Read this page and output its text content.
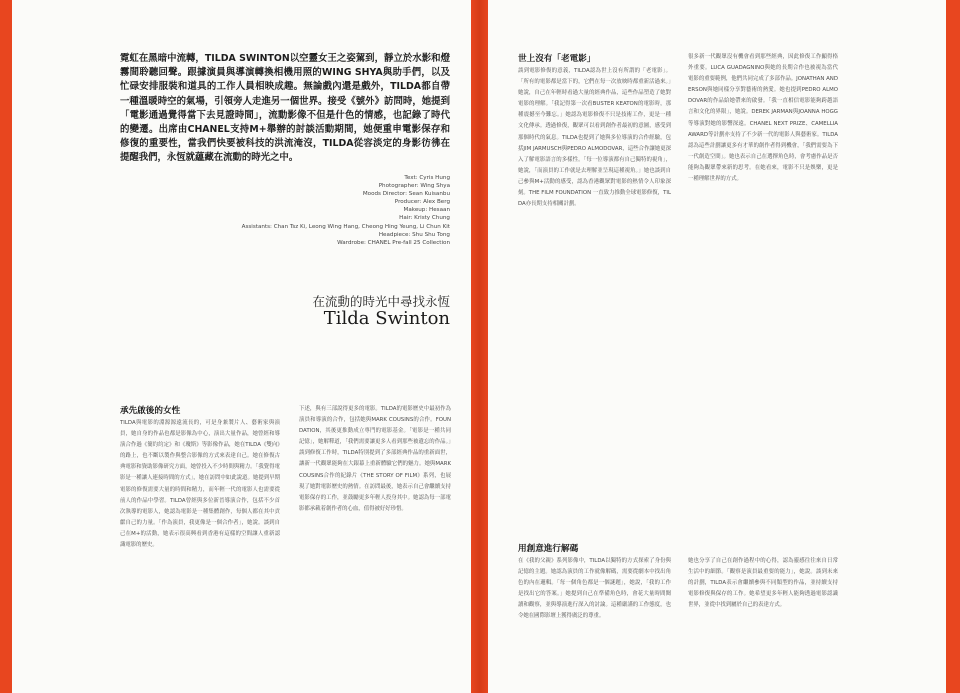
霓虹在黑暗中流轉，TILDA SWINTON以空靈女王之姿駕到，靜立於水影和燈霧間聆聽回聲。跟據演員與導演轉換相機用照的WING SHYA與助手們，以及忙碌安排服裝和道具的工作人員相映成趣。無論戲內還是戲外，TILDA都自帶一種溫暖時空的氣場，引領旁人走進另一個世界。接受《號外》訪問時，她提到「電影通過覺得當下去見證時間」，流動影像不但是什色的情感，也記錄了時代的變遷。出席由CHANEL支持M+舉辦的討談活動期間，她便重申電影保存和修復的重要性，當我們快要被科技的洪流淹沒，TILDA從容淡定的身影彷彿在提醒我們，永恆就蘊藏在流動的時光之中。
Text: Cyris Hung
Photographer: Wing Shya
Moods Director: Sean Kuisanbu
Producer: Alex Berg
Makeup: Hesaan
Hair: Kristy Chung
Assistants: Chan Tsz Ki, Leong Wing Hang, Cheong Hing Yeung, Li Chun Kit
Headpiece: Shu Shu Tong
Wardrobe: CHANEL Pre-fall 25 Collection
在流動的時光中尋找永恆
Tilda Swinton
承先啟後的女性

TILDA與電影的淵源源遠流長的，可是身兼製片人、藝術家與演員，她自身的作品也都是影像為中心，演出大量作品，她曾經和導演合作過《簡約約定》和《瓊斯》等影像作品，她在TILDA《雙向》的路上，也不斷以製作與整合影像的方式來表達自己。她在修復古典電影和資助影像研究方面，她曾投入不少時間與精力。「我覺得電影是一種讓人連接時間的方式」，她在訪問中如此說道。她提到早期電影的修復需要大量的時間和精力，而年輕一代的電影人也需要從前人的作品中學習。TILDA曾經與多位新晉導演合作，包括不少首次執導的電影人，她認為電影是一種集體創作，每個人都在其中貢獻自己的力量。「作為演員，我更像是一個合作者」，她說。談到自己在M+的活動，她表示很高興看到香港有這樣的空間讓人重新認識電影的歷史。

下述，與有三部說得更多的電影。TILDA的電影歷史中最初作為演員和導演的合作，包括她與MARK COUSINS的合作。FOUNDATION，其後更推動成立專門的電影基金。「電影是一種共同記憶」，她解釋道，「我們需要讓更多人看到那些被遺忘的作品。」談到修復工作時，TILDA特別提到了多部經典作品的重新面世，讓新一代觀眾能夠在大銀幕上重新體驗它們的魅力。她與MARK COUSINS合作的紀錄片《THE STORY OF FILM》系列，也展現了她對電影歷史的熱情。在訪問最後，她表示自己會繼續支持電影保存的工作，並鼓勵更多年輕人投身其中。她認為每一部電影都承載着創作者的心血，值得被好好珍惜。

世上沒有「老電影」

談到電影修復的意義，TILDA認為世上沒有所謂的「老電影」。「所有的電影都是當下的，它們在每一次放映時都重新活過來。」她說，自己在年輕時看過大量的經典作品，這些作品塑造了她對電影的理解。「我記得第一次看BUSTER KEATON的電影時，那種震撼至今難忘。」她認為電影修復不只是技術工作，更是一種文化傳承。透過修復，觀眾可以看到創作者最初的意圖，感受到那個時代的氣息。TILDA也提到了她與多位導演的合作經驗，包括JIM JARMUSCH與PEDRO ALMODOVAR，這些合作讓她更深入了解電影語言的多樣性。「每一位導演都有自己獨特的視角」，她說，「而演員的工作就是去理解並呈現這種視角。」她也談到自己參與M+活動的感受，認為香港觀眾對電影的熱情令人印象深刻。THE FILM FOUNDATION 一直致力推動全球電影修復，TILDA亦長期支持相關計劃。

很多新一代觀眾沒有機會看到那些經典，因此修復工作顯得格外重要。LUCA GUADAGNINO與她的長期合作也被視為當代電影的重要範例，他們共同完成了多部作品。JONATHAN ANDERSON與她同樣分享對藝術的熱愛。她也提到PEDRO ALMODOVAR的作品給她帶來的啟發。「我一直相信電影能夠跨越語言和文化的界限」，她說。DEREK JARMAN與JOANNA HOGG等導演對她的影響深遠。CHANEL NEXT PRIZE、CAMELLIA AWARD等計劃亦支持了不少新一代的電影人與藝術家。TILDA認為這些計劃讓更多有才華的創作者得到機會，「我們需要為下一代創造空間」。她也表示自己在選擇角色時，會考慮作品是否能夠為觀眾帶來新的思考。在她看來，電影不只是娛樂，更是一種理解世界的方式。

用創意進行解碼

在《我的父親》系列影像中，TILDA以獨特的方式探索了身份與記憶的主題。她認為演員的工作就像解碼，需要從劇本中找出角色的內在邏輯。「每一個角色都是一個謎題」，她說，「我的工作是找出它的答案。」她提到自己在準備角色時，會花大量時間閱讀和觀察，並與導演進行深入的討論。這種嚴謹的工作態度，也令她在國際影壇上獲得廣泛的尊重。

她也分享了自己在創作過程中的心得，認為靈感往往來自日常生活中的細節。「觀察是演員最重要的能力」，她說。談到未來的計劃，TILDA表示會繼續參與不同類型的作品，並持續支持電影修復與保存的工作。她希望更多年輕人能夠透過電影認識世界，並從中找到屬於自己的表達方式。
